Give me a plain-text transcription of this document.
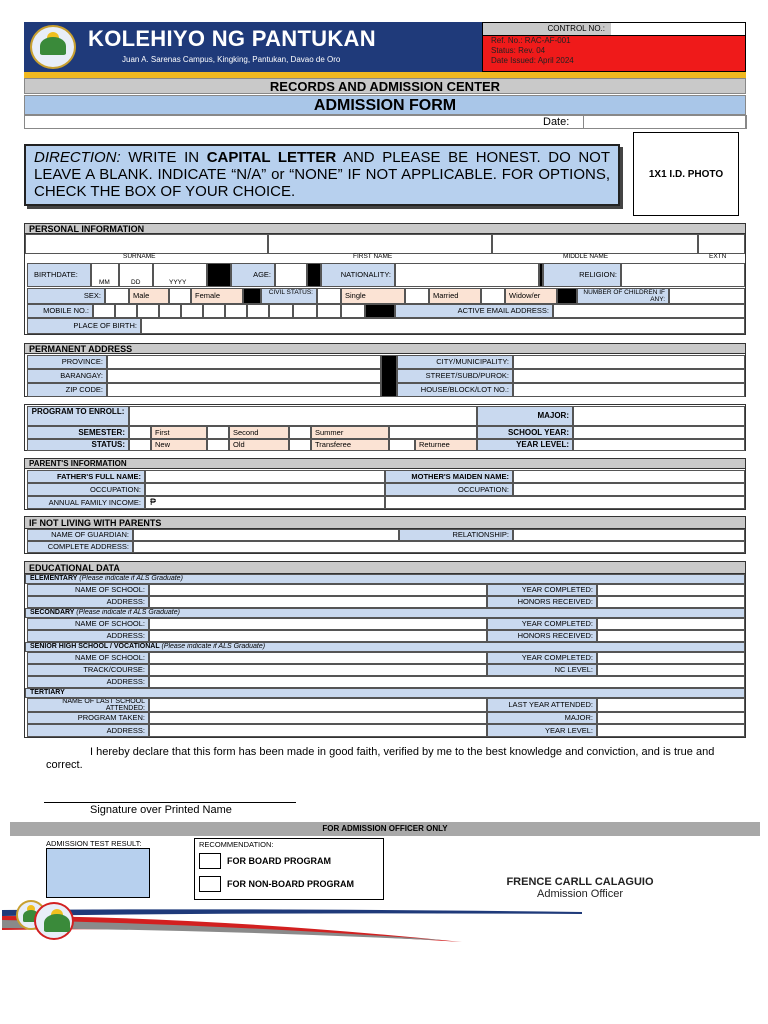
KOLEHIYO NG PANTUKAN
Juan A. Sarenas Campus, Kingking, Pantukan, Davao de Oro
CONTROL NO.:
Ref. No.: RAC-AF-001
Status: Rev. 04
Date Issued: April 2024
RECORDS AND ADMISSION CENTER
ADMISSION FORM
Date:
DIRECTION: WRITE IN CAPITAL LETTER AND PLEASE BE HONEST. DO NOT LEAVE A BLANK. INDICATE “N/A” or “NONE” IF NOT APPLICABLE. FOR OPTIONS, CHECK THE BOX OF YOUR CHOICE.
1X1 I.D. PHOTO
PERSONAL INFORMATION
SURNAME	FIRST NAME	MIDDLE NAME	EXTN
BIRTHDATE:
MM	DD	YYYY
AGE:	NATIONALITY:	RELIGION:
SEX:	Male	Female	CIVIL STATUS:	Single	Married	Widow/er	NUMBER OF CHILDREN IF ANY:
MOBILE NO.:	ACTIVE EMAIL ADDRESS:
PLACE OF BIRTH:
PERMANENT ADDRESS
PROVINCE:	CITY/MUNICIPALITY:
BARANGAY:	STREET/SUBD/PUROK:
ZIP CODE:	HOUSE/BLOCK/LOT NO.:
PROGRAM TO ENROLL:	MAJOR:
SEMESTER:	First	Second	Summer	SCHOOL YEAR:
STATUS:	New	Old	Transferee	Returnee	YEAR LEVEL:
PARENT'S INFORMATION
FATHER'S FULL NAME:	MOTHER'S MAIDEN NAME:
OCCUPATION:	OCCUPATION:
ANNUAL FAMILY INCOME:	₱
IF NOT LIVING WITH PARENTS
NAME OF GUARDIAN:	RELATIONSHIP:
COMPLETE ADDRESS:
EDUCATIONAL DATA
ELEMENTARY (Please indicate if ALS Graduate)
NAME OF SCHOOL:	YEAR COMPLETED:
ADDRESS:	HONORS RECEIVED:
SECONDARY (Please indicate if ALS Graduate)
NAME OF SCHOOL:	YEAR COMPLETED:
ADDRESS:	HONORS RECEIVED:
SENIOR HIGH SCHOOL / VOCATIONAL (Please indicate if ALS Graduate)
NAME OF SCHOOL:	YEAR COMPLETED:
TRACK/COURSE:	NC LEVEL:
ADDRESS:
TERTIARY
NAME OF LAST SCHOOL ATTENDED:	LAST YEAR ATTENDED:
PROGRAM TAKEN:	MAJOR:
ADDRESS:	YEAR LEVEL:
I hereby declare that this form has been made in good faith, verified by me to the best knowledge and conviction, and is true and correct.
Signature over Printed Name
FOR ADMISSION OFFICER ONLY
ADMISSION TEST RESULT:	RECOMMENDATION:
FOR BOARD PROGRAM
FOR NON-BOARD PROGRAM	FRENCE CARLL CALAGUIO
Admission Officer
